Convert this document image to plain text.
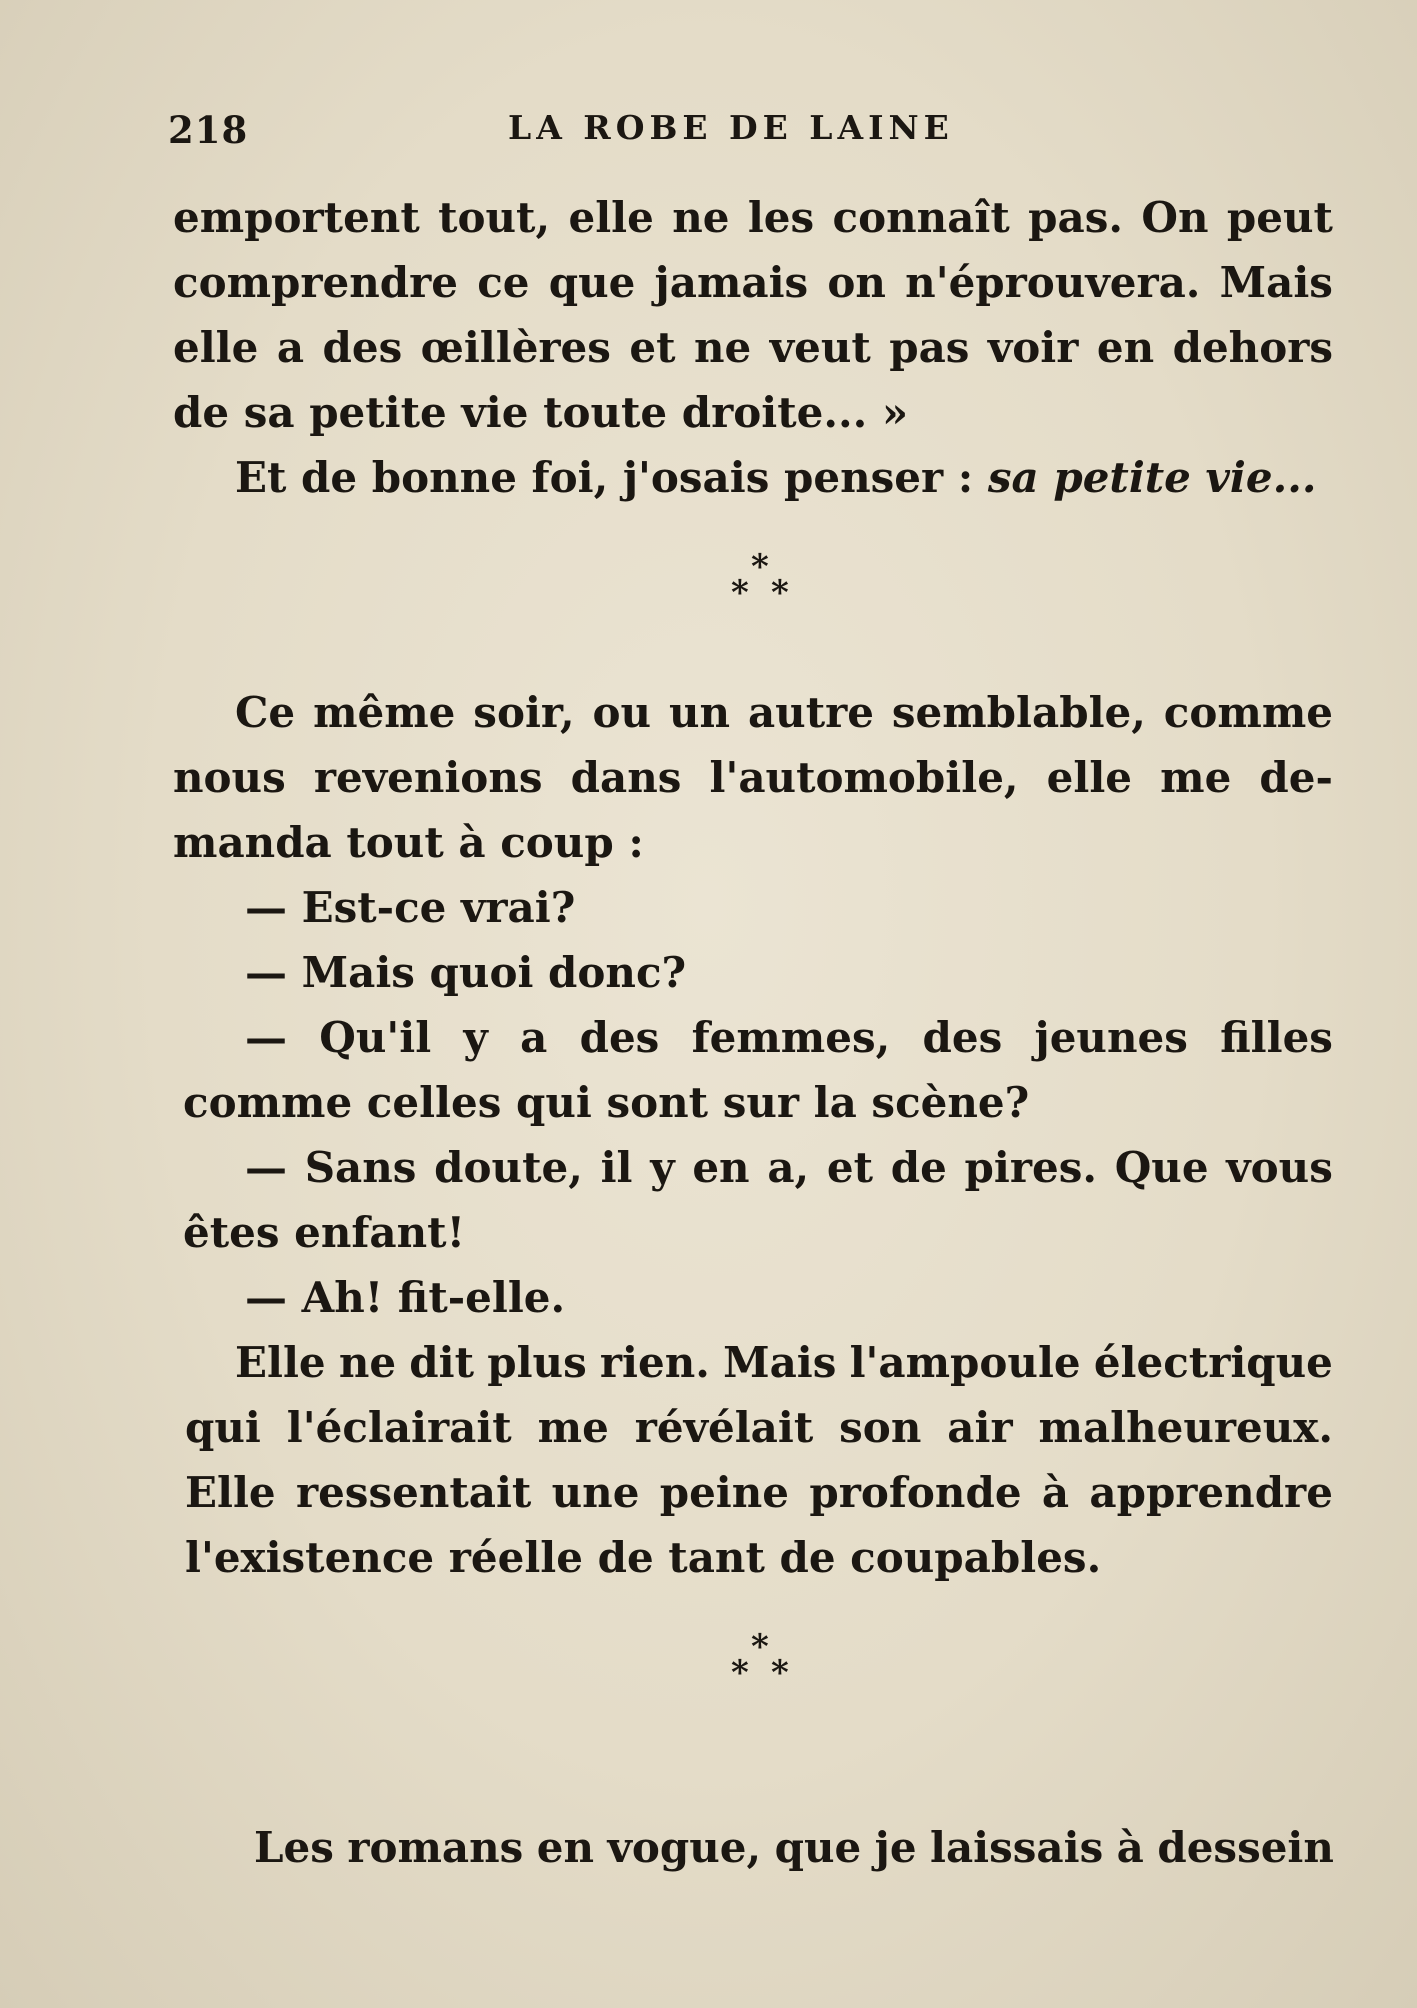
218	LA ROBE DE LAINE
emportent tout, elle ne les connaît pas. On peut
comprendre ce que jamais on n'éprouvera. Mais
elle a des œillères et ne veut pas voir en dehors
de sa petite vie toute droite... »
Et de bonne foi, j'osais penser : sa petite vie...
*
* *
Ce même soir, ou un autre semblable, comme
nous revenions dans l'automobile, elle me de-
manda tout à coup :
— Est-ce vrai?
— Mais quoi donc?
— Qu'il y a des femmes, des jeunes filles
comme celles qui sont sur la scène?
— Sans doute, il y en a, et de pires. Que vous
êtes enfant!
— Ah! fit-elle.
Elle ne dit plus rien. Mais l'ampoule électrique
qui l'éclairait me révélait son air malheureux.
Elle ressentait une peine profonde à apprendre
l'existence réelle de tant de coupables.
*
* *
Les romans en vogue, que je laissais à dessein
